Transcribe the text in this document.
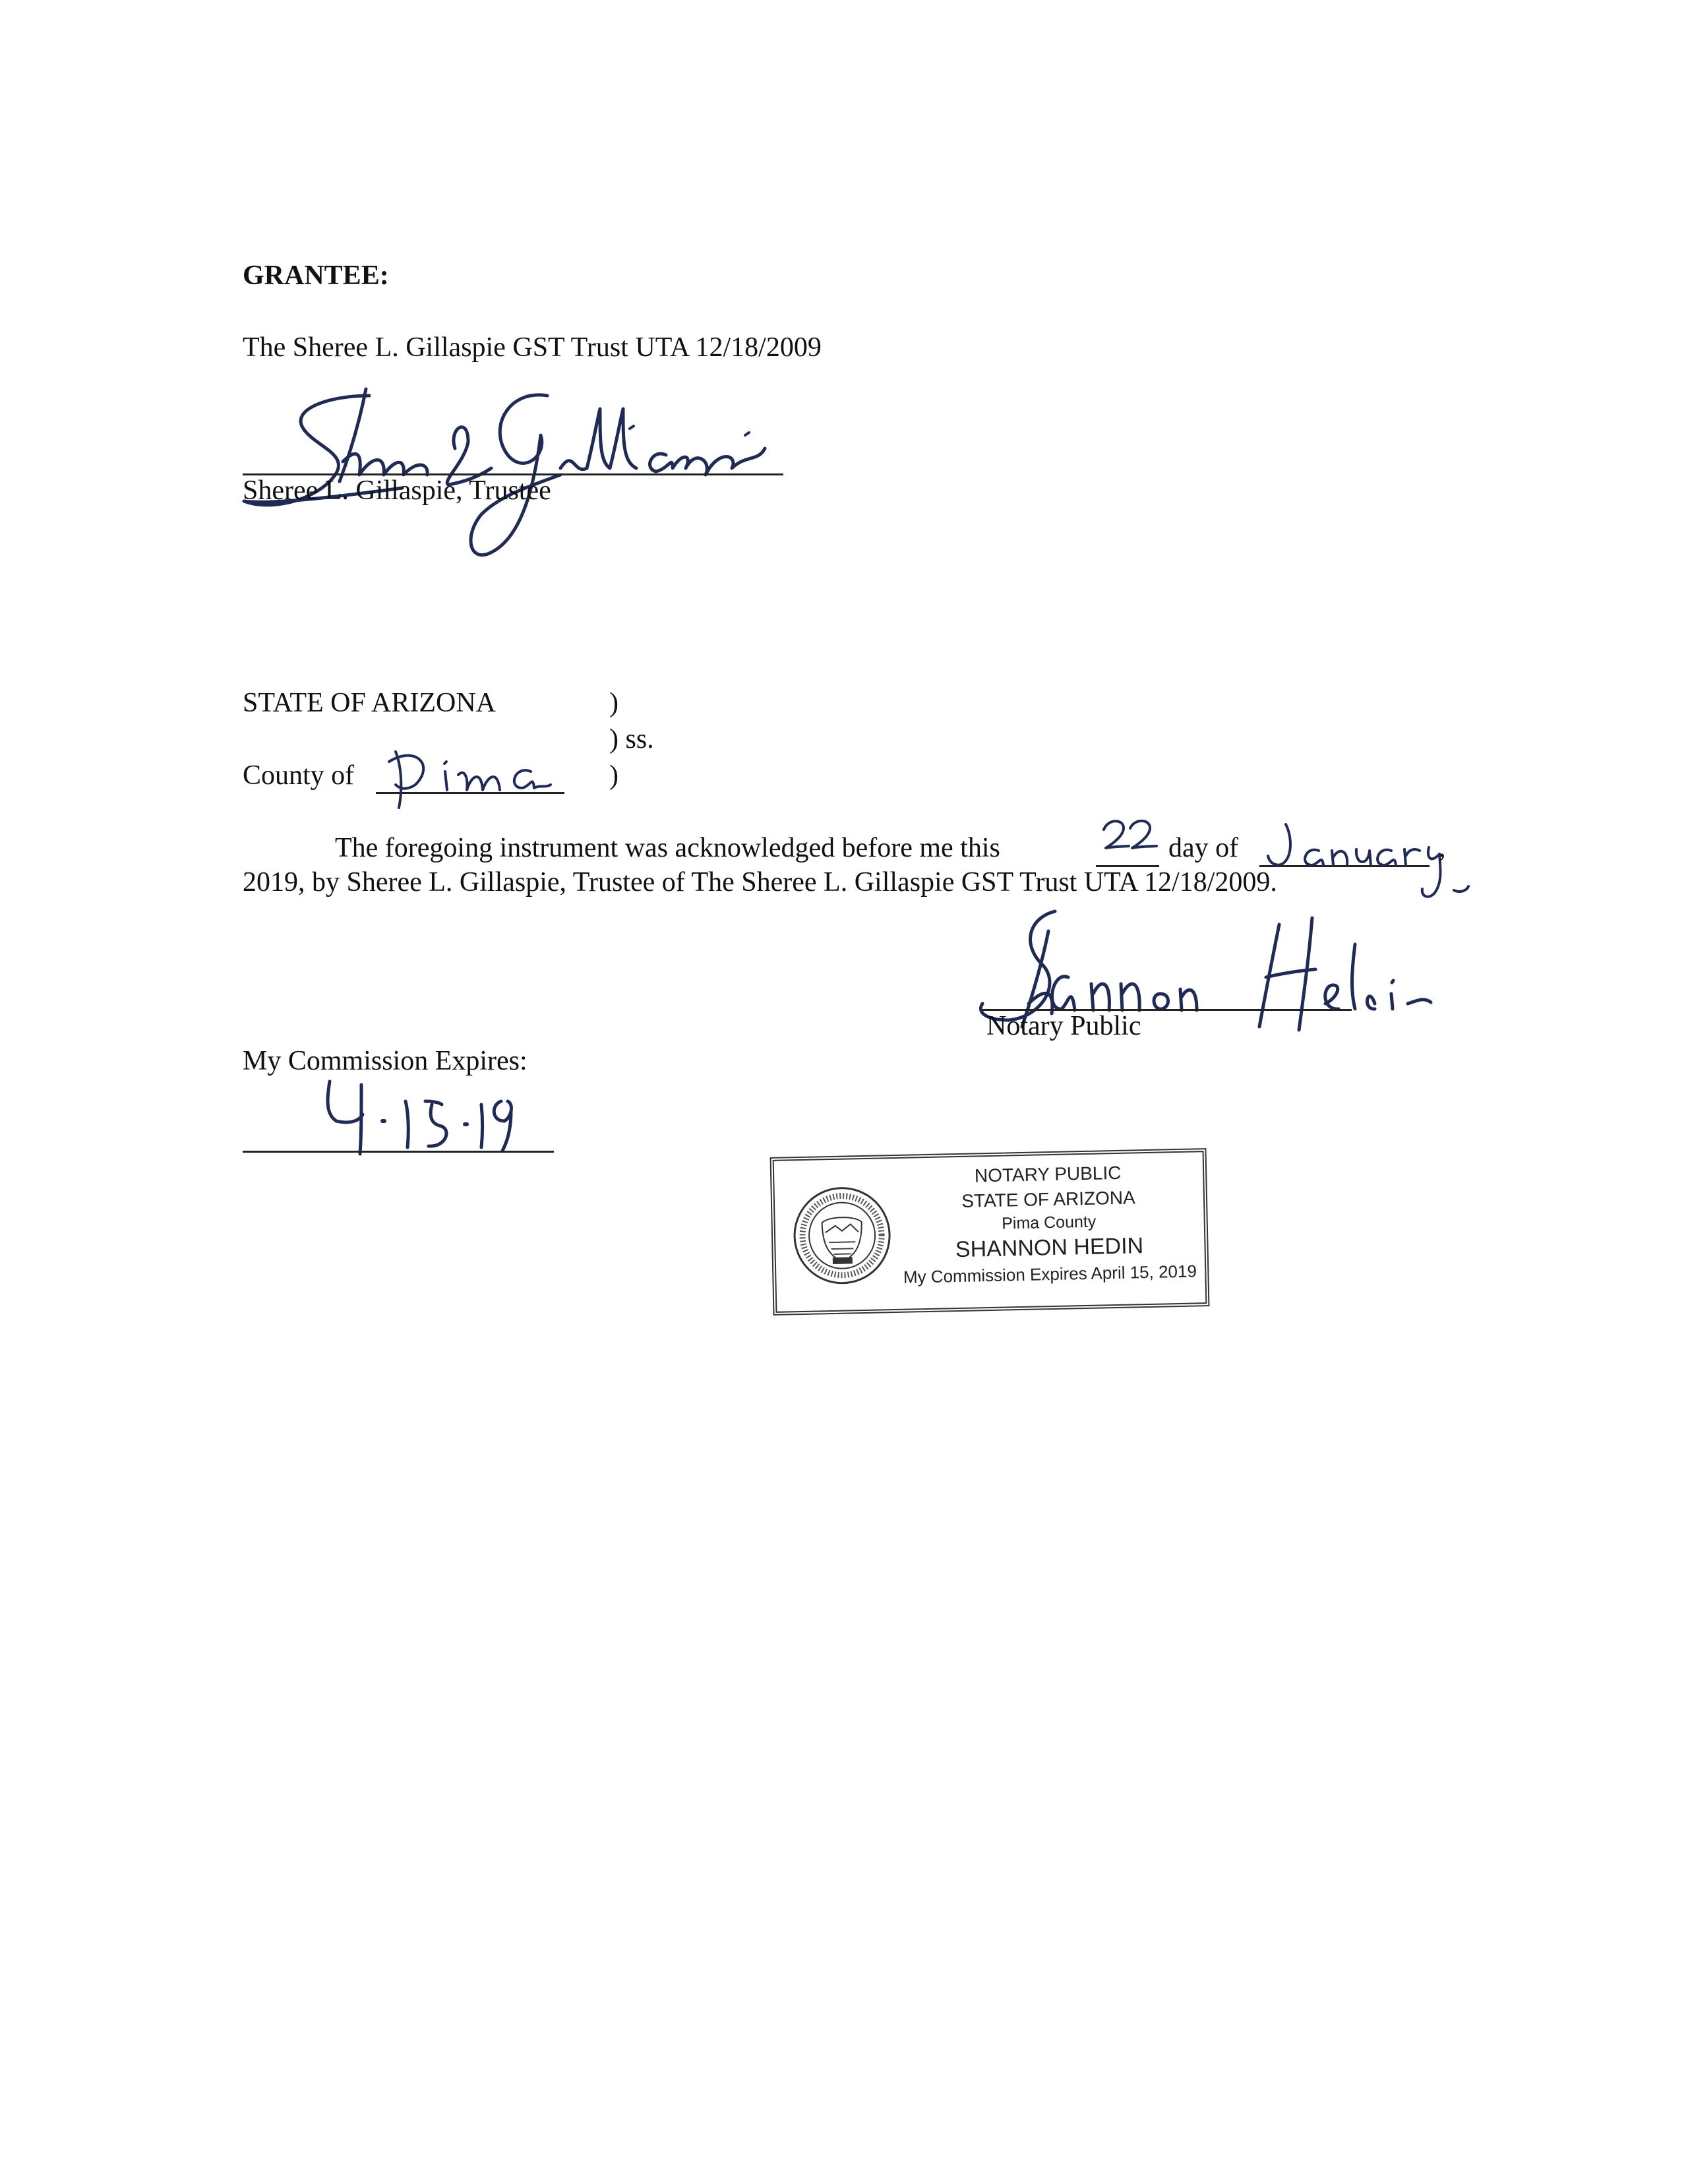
GRANTEE:
The Sheree L. Gillaspie GST Trust UTA 12/18/2009
Sheree L. Gillaspie, Trustee
STATE OF ARIZONA	)
) ss.
)
County of
The foregoing instrument was acknowledged before me this	day of	,
2019, by Sheree L. Gillaspie, Trustee of The Sheree L. Gillaspie GST Trust UTA 12/18/2009.
Notary Public
My Commission Expires:
NOTARY PUBLIC
STATE OF ARIZONA
Pima County
SHANNON HEDIN
My Commission Expires April 15, 2019
